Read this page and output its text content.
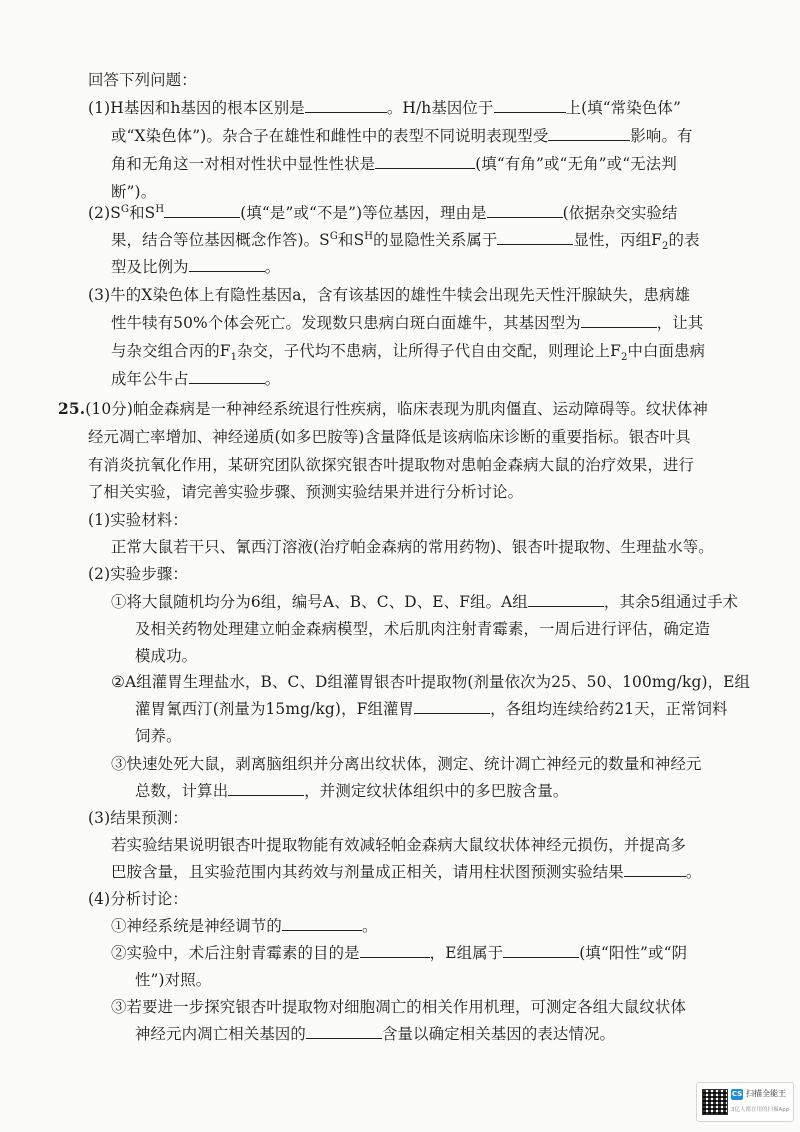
回答下列问题：
(1)H基因和h基因的根本区别是	。H/h基因位于	上(填“常染色体”
或“X染色体”)。杂合子在雄性和雌性中的表型不同说明表现型受	影响。有
角和无角这一对相对性状中显性性状是	(填“有角”或“无角”或“无法判
断”)。
$(2)S^G$和$S^H$	(填“是”或“不是”)等位基因，理由是	(依据杂交实验结
果，结合等位基因概念作答)。$S^G$和$S^H$的显隐性关系属于	显性，丙组$F_2$的表
型及比例为	。
(3)牛的X染色体上有隐性基因a，含有该基因的雄性牛犊会出现先天性汗腺缺失，患病雄
性牛犊有50%个体会死亡。发现数只患病白斑白面雄牛，其基因型为	，让其
与杂交组合丙的$F_1$杂交，子代均不患病，让所得子代自由交配，则理论上$F_2$中白面患病
成年公牛占	。
25.(10分)帕金森病是一种神经系统退行性疾病，临床表现为肌肉僵直、运动障碍等。纹状体神
经元凋亡率增加、神经递质(如多巴胺等)含量降低是该病临床诊断的重要指标。银杏叶具
有消炎抗氧化作用，某研究团队欲探究银杏叶提取物对患帕金森病大鼠的治疗效果，进行
了相关实验，请完善实验步骤、预测实验结果并进行分析讨论。
(1)实验材料：
正常大鼠若干只、氰西汀溶液(治疗帕金森病的常用药物)、银杏叶提取物、生理盐水等。
(2)实验步骤：
①将大鼠随机均分为6组，编号A、B、C、D、E、F组。A组	，其余5组通过手术
及相关药物处理建立帕金森病模型，术后肌肉注射青霉素，一周后进行评估，确定造
模成功。
②A组灌胃生理盐水，B、C、D组灌胃银杏叶提取物(剂量依次为25、50、100mg/kg)，E组
灌胃氰西汀(剂量为15mg/kg)，F组灌胃	，各组均连续给药21天，正常饲料
饲养。
③快速处死大鼠，剥离脑组织并分离出纹状体，测定、统计凋亡神经元的数量和神经元
总数，计算出	，并测定纹状体组织中的多巴胺含量。
(3)结果预测：
若实验结果说明银杏叶提取物能有效减轻帕金森病大鼠纹状体神经元损伤，并提高多
巴胺含量，且实验范围内其药效与剂量成正相关，请用柱状图预测实验结果	。
(4)分析讨论：
①神经系统是神经调节的	。
②实验中，术后注射青霉素的目的是	，E组属于	(填“阳性”或“阴
性”)对照。
③若要进一步探究银杏叶提取物对细胞凋亡的相关作用机理，可测定各组大鼠纹状体
神经元内凋亡相关基因的	含量以确定相关基因的表达情况。
CS 扫描全能王
3亿人都在用的扫描App
